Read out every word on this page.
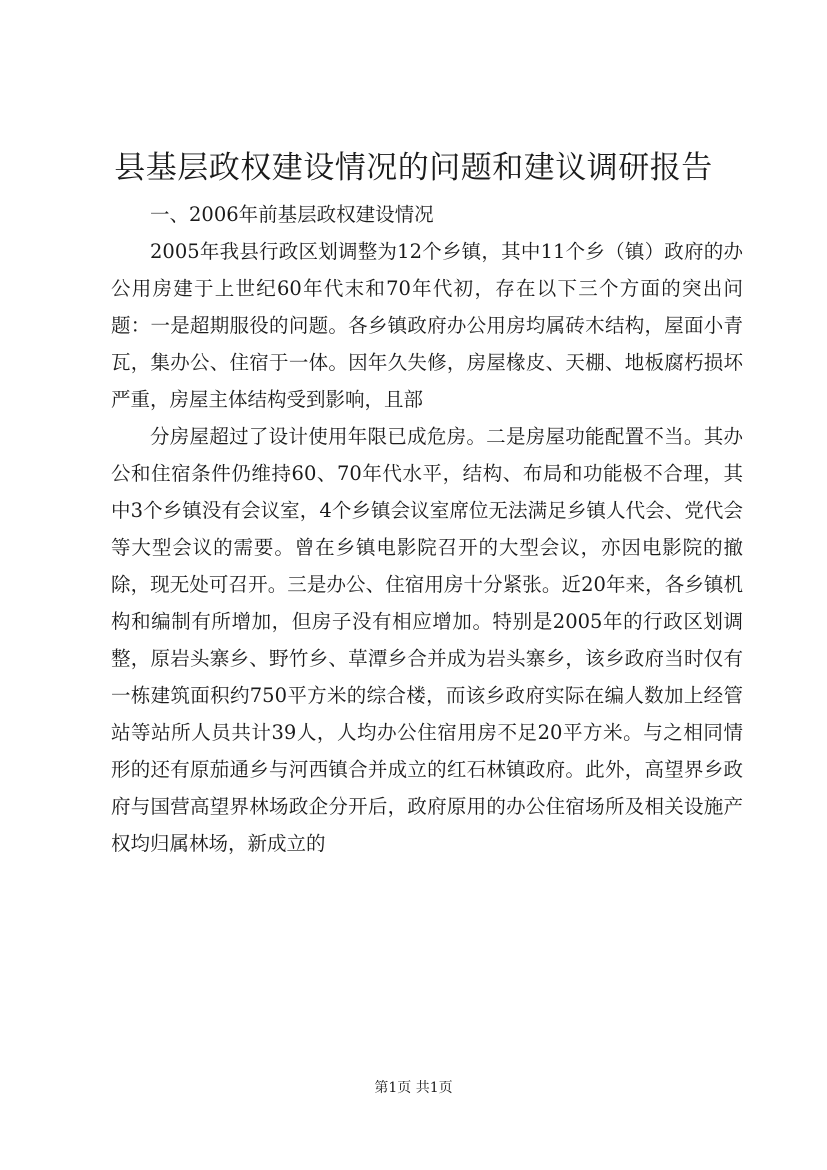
县基层政权建设情况的问题和建议调研报告

一、2006年前基层政权建设情况

2005年我县行政区划调整为12个乡镇，其中11个乡（镇）政府的办公用房建于上世纪60年代末和70年代初，存在以下三个方面的突出问题：一是超期服役的问题。各乡镇政府办公用房均属砖木结构，屋面小青瓦，集办公、住宿于一体。因年久失修，房屋椽皮、天棚、地板腐朽损坏严重，房屋主体结构受到影响，且部

分房屋超过了设计使用年限已成危房。二是房屋功能配置不当。其办公和住宿条件仍维持60、70年代水平，结构、布局和功能极不合理，其中3个乡镇没有会议室，4个乡镇会议室席位无法满足乡镇人代会、党代会等大型会议的需要。曾在乡镇电影院召开的大型会议，亦因电影院的撤除，现无处可召开。三是办公、住宿用房十分紧张。近20年来，各乡镇机构和编制有所增加，但房子没有相应增加。特别是2005年的行政区划调整，原岩头寨乡、野竹乡、草潭乡合并成为岩头寨乡，该乡政府当时仅有一栋建筑面积约750平方米的综合楼，而该乡政府实际在编人数加上经管站等站所人员共计39人，人均办公住宿用房不足20平方米。与之相同情形的还有原茄通乡与河西镇合并成立的红石林镇政府。此外，高望界乡政府与国营高望界林场政企分开后，政府原用的办公住宿场所及相关设施产权均归属林场，新成立的

第1页 共1页
